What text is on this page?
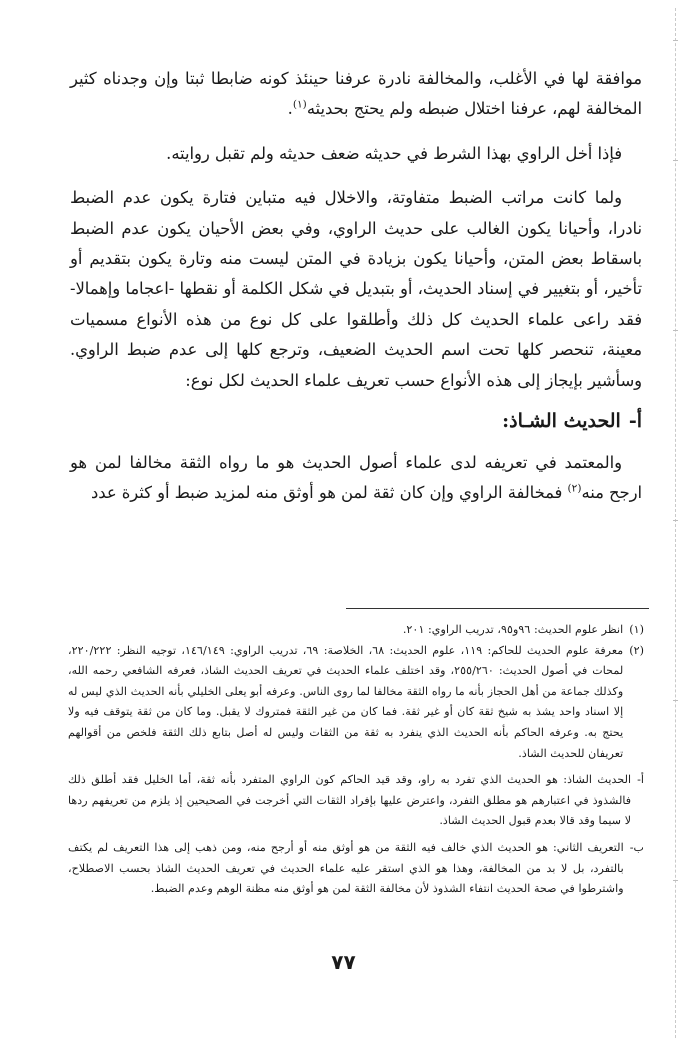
موافقة لها في الأغلب، والمخالفة نادرة عرفنا حينئذ كونه ضابطا ثبتا وإن وجدناه كثير المخالفة لهم، عرفنا اختلال ضبطه ولم يحتج بحديثه$^{(١)}$.

فإذا أخل الراوي بهذا الشرط في حديثه ضعف حديثه ولم تقبل روايته.

ولما كانت مراتب الضبط متفاوتة، والاخلال فيه متباين فتارة يكون عدم الضبط نادرا، وأحيانا يكون الغالب على حديث الراوي، وفي بعض الأحيان يكون عدم الضبط باسقاط بعض المتن، وأحيانا يكون بزيادة في المتن ليست منه وتارة يكون بتقديم أو تأخير، أو بتغيير في إسناد الحديث، أو بتبديل في شكل الكلمة أو نقطها -اعجاما وإهمالا- فقد راعى علماء الحديث كل ذلك وأطلقوا على كل نوع من هذه الأنواع مسميات معينة، تنحصر كلها تحت اسم الحديث الضعيف، وترجع كلها إلى عدم ضبط الراوي. وسأشير بإيجاز إلى هذه الأنواع حسب تعريف علماء الحديث لكل نوع:

أ-الحديث الشـاذ:

والمعتمد في تعريفه لدى علماء أصول الحديث هو ما رواه الثقة مخالفا لمن هو ارجح منه$^{(٢)}$ فمخالفة الراوي وإن كان ثقة لمن هو أوثق منه لمزيد ضبط أو كثرة عدد

(١)
انظر علوم الحديث: ٩٦و٩٥، تدريب الراوي: ٢٠١.
(٢)
معرفة علوم الحديث للحاكم: ١١٩، علوم الحديث: ٦٨، الخلاصة: ٦٩، تدريب الراوي: ١٤٦/١٤٩، توجيه النظر: ٢٢٠/٢٢٢، لمحات في أصول الحديث: ٢٥٥/٢٦٠، وقد اختلف علماء الحديث في تعريف الحديث الشاذ، فعرفه الشافعي رحمه الله، وكذلك جماعة من أهل الحجاز بأنه ما رواه الثقة مخالفا لما روى الناس. وعرفه أبو يعلى الخليلي بأنه الحديث الذي ليس له إلا اسناد واحد يشذ به شيخ ثقة كان أو غير ثقة. فما كان من غير الثقة فمتروك لا يقبل. وما كان من ثقة يتوقف فيه ولا يحتج به. وعرفه الحاكم بأنه الحديث الذي ينفرد به ثقة من الثقات وليس له أصل بتابع ذلك الثقة فلخص من أقوالهم تعريفان للحديث الشاذ.
أ-
الحديث الشاذ: هو الحديث الذي تفرد به راو، وقد قيد الحاكم كون الراوي المتفرد بأنه ثقة، أما الخليل فقد أطلق ذلك فالشذوذ في اعتبارهم هو مطلق التفرد، واعترض عليها بإفراد الثقات التي أخرجت في الصحيحين إذ يلزم من تعريفهم ردها لا سيما وقد قالا بعدم قبول الحديث الشاذ.
ب-
التعريف الثاني: هو الحديث الذي خالف فيه الثقة من هو أوثق منه أو أرجح منه، ومن ذهب إلى هذا التعريف لم يكتف بالتفرد، بل لا بد من المخالفة، وهذا هو الذي استقر عليه علماء الحديث في تعريف الحديث الشاذ بحسب الاصطلاح، واشترطوا في صحة الحديث انتفاء الشذوذ لأن مخالفة الثقة لمن هو أوثق منه مظنة الوهم وعدم الضبط.
٧٧
